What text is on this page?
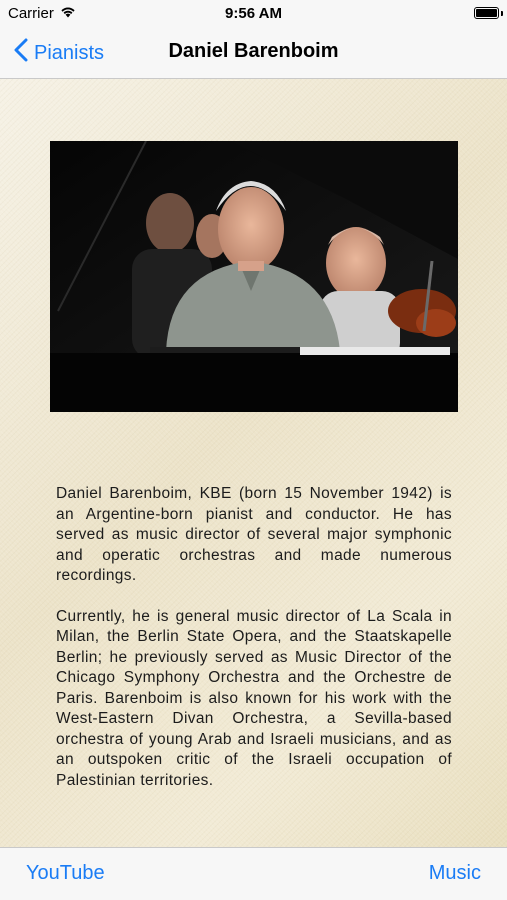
Carrier	9:56 AM
Pianists	Daniel Barenboim

Daniel Barenboim, KBE (born 15 November 1942) is an Argentine-born pianist and conductor. He has served as music director of several major symphonic and operatic orchestras and made numerous recordings.

Currently, he is general music director of La Scala in Milan, the Berlin State Opera, and the Staatskapelle Berlin; he previously served as Music Director of the Chicago Symphony Orchestra and the Orchestre de Paris. Barenboim is also known for his work with the West-Eastern Divan Orchestra, a Sevilla-based orchestra of young Arab and Israeli musicians, and as an outspoken critic of the Israeli occupation of Palestinian territories.

YouTube	Music
